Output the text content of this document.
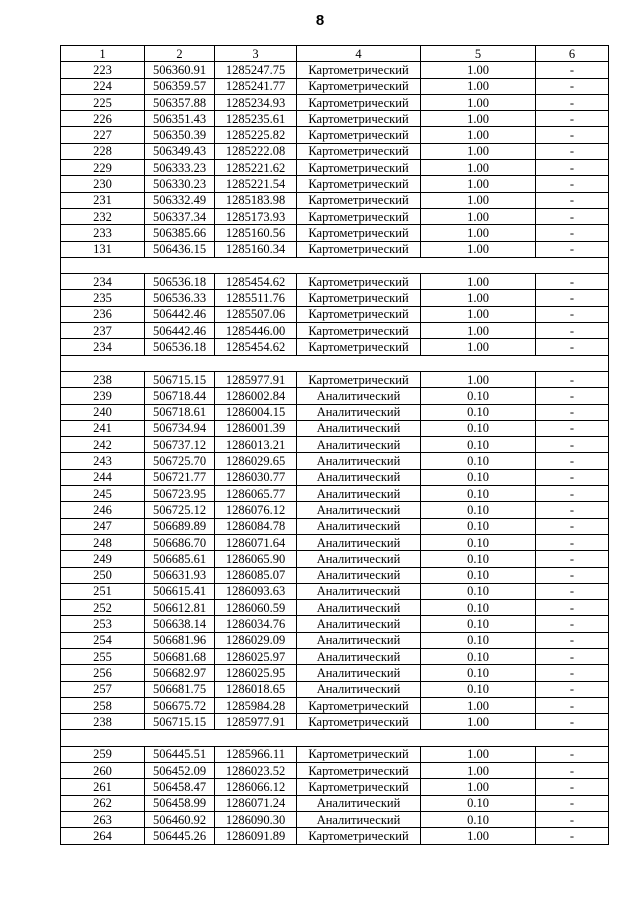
8
1	2	3	4	5	6
223	506360.91	1285247.75	Картометрический	1.00	-
224	506359.57	1285241.77	Картометрический	1.00	-
225	506357.88	1285234.93	Картометрический	1.00	-
226	506351.43	1285235.61	Картометрический	1.00	-
227	506350.39	1285225.82	Картометрический	1.00	-
228	506349.43	1285222.08	Картометрический	1.00	-
229	506333.23	1285221.62	Картометрический	1.00	-
230	506330.23	1285221.54	Картометрический	1.00	-
231	506332.49	1285183.98	Картометрический	1.00	-
232	506337.34	1285173.93	Картометрический	1.00	-
233	506385.66	1285160.56	Картометрический	1.00	-
131	506436.15	1285160.34	Картометрический	1.00	-

234	506536.18	1285454.62	Картометрический	1.00	-
235	506536.33	1285511.76	Картометрический	1.00	-
236	506442.46	1285507.06	Картометрический	1.00	-
237	506442.46	1285446.00	Картометрический	1.00	-
234	506536.18	1285454.62	Картометрический	1.00	-

238	506715.15	1285977.91	Картометрический	1.00	-
239	506718.44	1286002.84	Аналитический	0.10	-
240	506718.61	1286004.15	Аналитический	0.10	-
241	506734.94	1286001.39	Аналитический	0.10	-
242	506737.12	1286013.21	Аналитический	0.10	-
243	506725.70	1286029.65	Аналитический	0.10	-
244	506721.77	1286030.77	Аналитический	0.10	-
245	506723.95	1286065.77	Аналитический	0.10	-
246	506725.12	1286076.12	Аналитический	0.10	-
247	506689.89	1286084.78	Аналитический	0.10	-
248	506686.70	1286071.64	Аналитический	0.10	-
249	506685.61	1286065.90	Аналитический	0.10	-
250	506631.93	1286085.07	Аналитический	0.10	-
251	506615.41	1286093.63	Аналитический	0.10	-
252	506612.81	1286060.59	Аналитический	0.10	-
253	506638.14	1286034.76	Аналитический	0.10	-
254	506681.96	1286029.09	Аналитический	0.10	-
255	506681.68	1286025.97	Аналитический	0.10	-
256	506682.97	1286025.95	Аналитический	0.10	-
257	506681.75	1286018.65	Аналитический	0.10	-
258	506675.72	1285984.28	Картометрический	1.00	-
238	506715.15	1285977.91	Картометрический	1.00	-

259	506445.51	1285966.11	Картометрический	1.00	-
260	506452.09	1286023.52	Картометрический	1.00	-
261	506458.47	1286066.12	Картометрический	1.00	-
262	506458.99	1286071.24	Аналитический	0.10	-
263	506460.92	1286090.30	Аналитический	0.10	-
264	506445.26	1286091.89	Картометрический	1.00	-
